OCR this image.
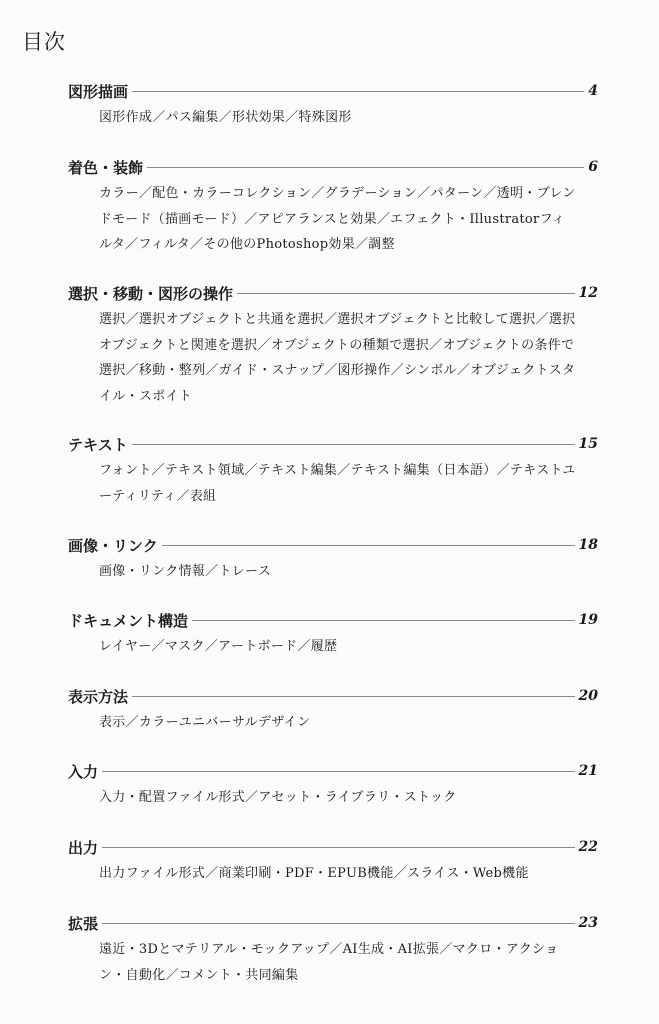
目次
図形描画	4
図形作成／パス編集／形状効果／特殊図形
着色・装飾	6
カラー／配色・カラーコレクション／グラデーション／パターン／透明・ブレンドモード（描画モード）／アピアランスと効果／エフェクト・Illustratorフィルタ／フィルタ／その他のPhotoshop効果／調整
選択・移動・図形の操作	12
選択／選択オブジェクトと共通を選択／選択オブジェクトと比較して選択／選択オブジェクトと関連を選択／オブジェクトの種類で選択／オブジェクトの条件で選択／移動・整列／ガイド・スナップ／図形操作／シンボル／オブジェクトスタイル・スポイト
テキスト	15
フォント／テキスト領域／テキスト編集／テキスト編集（日本語）／テキストユーティリティ／表組
画像・リンク	18
画像・リンク情報／トレース
ドキュメント構造	19
レイヤー／マスク／アートボード／履歴
表示方法	20
表示／カラーユニバーサルデザイン
入力	21
入力・配置ファイル形式／アセット・ライブラリ・ストック
出力	22
出力ファイル形式／商業印刷・PDF・EPUB機能／スライス・Web機能
拡張	23
遠近・3Dとマテリアル・モックアップ／AI生成・AI拡張／マクロ・アクション・自動化／コメント・共同編集
